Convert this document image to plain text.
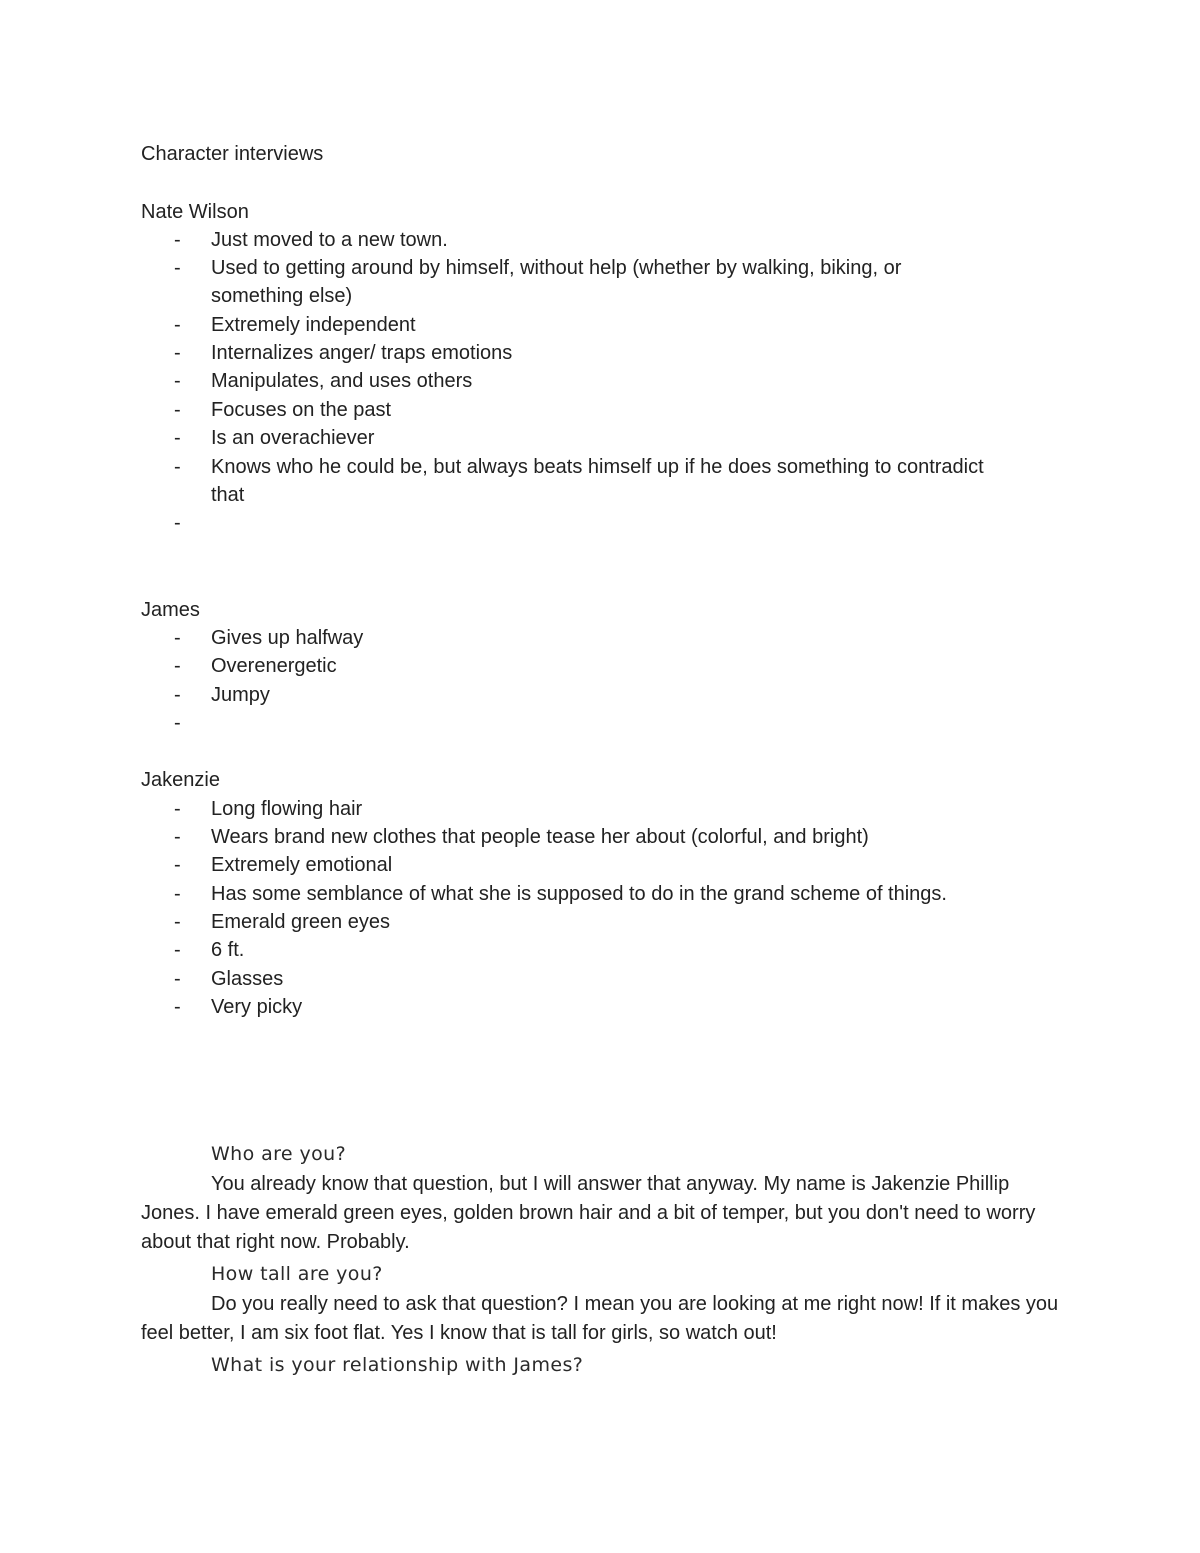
Character interviews
Nate Wilson
- Just moved to a new town.
- Used to getting around by himself, without help (whether by walking, biking, or
something else)
- Extremely independent
- Internalizes anger/ traps emotions
- Manipulates, and uses others
- Focuses on the past
- Is an overachiever
- Knows who he could be, but always beats himself up if he does something to contradict
that
-
James
- Gives up halfway
- Overenergetic
- Jumpy
-
Jakenzie
- Long flowing hair
- Wears brand new clothes that people tease her about (colorful, and bright)
- Extremely emotional
- Has some semblance of what she is supposed to do in the grand scheme of things.
- Emerald green eyes
- 6 ft.
- Glasses
- Very picky
Who are you?
You already know that question, but I will answer that anyway. My name is Jakenzie Phillip Jones. I have emerald green eyes, golden brown hair and a bit of temper, but you don't need to worry about that right now. Probably.
How tall are you?
Do you really need to ask that question? I mean you are looking at me right now! If it makes you feel better, I am six foot flat. Yes I know that is tall for girls, so watch out!
What is your relationship with James?
